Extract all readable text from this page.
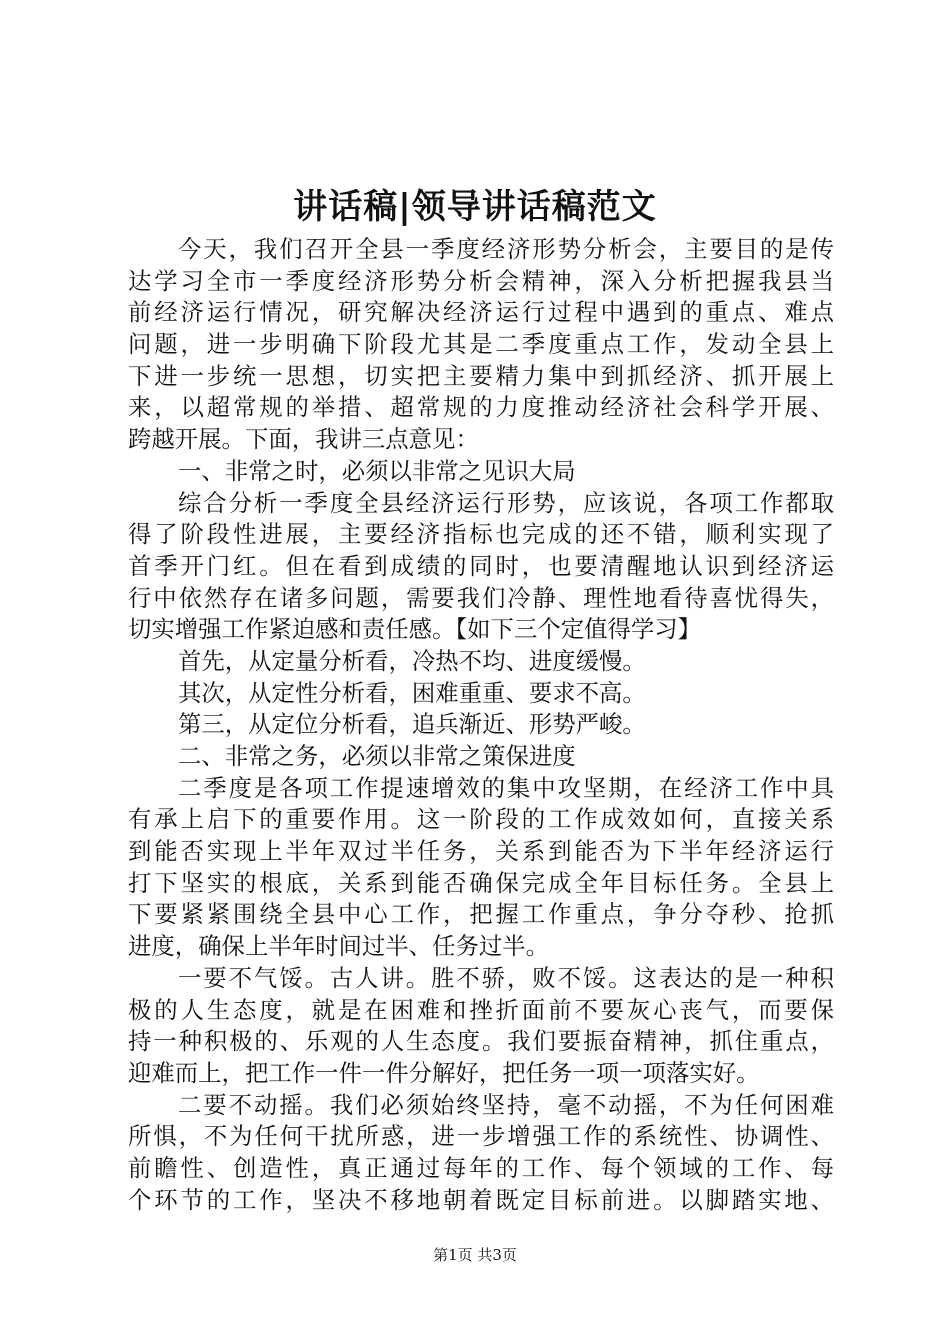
讲话稿|领导讲话稿范文
今天，我们召开全县一季度经济形势分析会，主要目的是传
达学习全市一季度经济形势分析会精神，深入分析把握我县当
前经济运行情况，研究解决经济运行过程中遇到的重点、难点
问题，进一步明确下阶段尤其是二季度重点工作，发动全县上
下进一步统一思想，切实把主要精力集中到抓经济、抓开展上
来，以超常规的举措、超常规的力度推动经济社会科学开展、
跨越开展。下面，我讲三点意见：
一、非常之时，必须以非常之见识大局
综合分析一季度全县经济运行形势，应该说，各项工作都取
得了阶段性进展，主要经济指标也完成的还不错，顺利实现了
首季开门红。但在看到成绩的同时，也要清醒地认识到经济运
行中依然存在诸多问题，需要我们冷静、理性地看待喜忧得失，
切实增强工作紧迫感和责任感。【如下三个定值得学习】
首先，从定量分析看，冷热不均、进度缓慢。
其次，从定性分析看，困难重重、要求不高。
第三，从定位分析看，追兵渐近、形势严峻。
二、非常之务，必须以非常之策保进度
二季度是各项工作提速增效的集中攻坚期，在经济工作中具
有承上启下的重要作用。这一阶段的工作成效如何，直接关系
到能否实现上半年双过半任务，关系到能否为下半年经济运行
打下坚实的根底，关系到能否确保完成全年目标任务。全县上
下要紧紧围绕全县中心工作，把握工作重点，争分夺秒、抢抓
进度，确保上半年时间过半、任务过半。
一要不气馁。古人讲。胜不骄，败不馁。这表达的是一种积
极的人生态度，就是在困难和挫折面前不要灰心丧气，而要保
持一种积极的、乐观的人生态度。我们要振奋精神，抓住重点，
迎难而上，把工作一件一件分解好，把任务一项一项落实好。
二要不动摇。我们必须始终坚持，毫不动摇，不为任何困难
所惧，不为任何干扰所惑，进一步增强工作的系统性、协调性、
前瞻性、创造性，真正通过每年的工作、每个领域的工作、每
个环节的工作，坚决不移地朝着既定目标前进。以脚踏实地、
第1页 共3页
